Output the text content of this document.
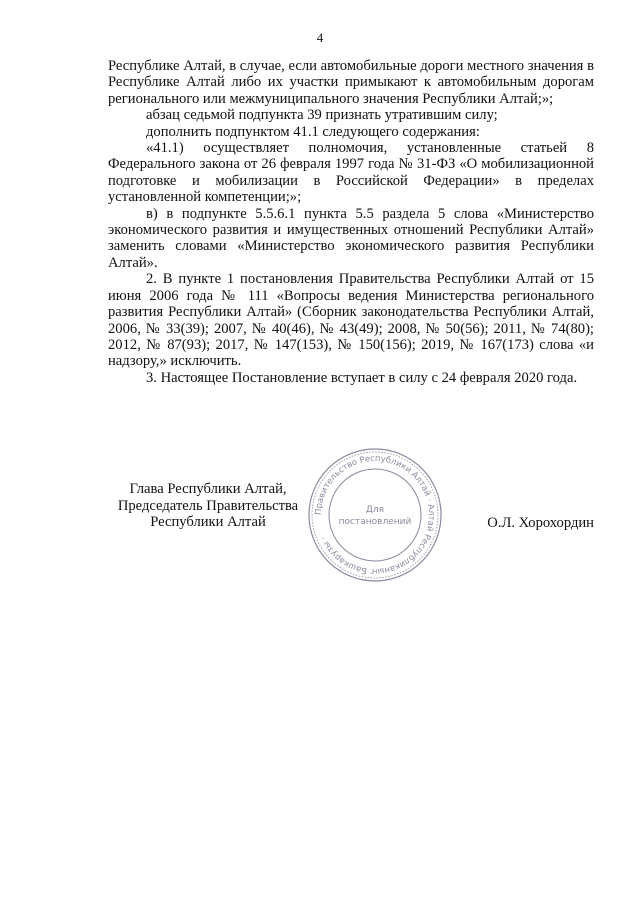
4

Республике Алтай, в случае, если автомобильные дороги местного значения в Республике Алтай либо их участки примыкают к автомобильным дорогам регионального или межмуниципального значения Республики Алтай;»;

абзац седьмой подпункта 39 признать утратившим силу;

дополнить подпунктом 41.1 следующего содержания:

«41.1) осуществляет полномочия, установленные статьей 8 Федерального закона от 26 февраля 1997 года № 31-ФЗ «О мобилизационной подготовке и мобилизации в Российской Федерации» в пределах установленной компетенции;»;

в) в подпункте 5.5.6.1 пункта 5.5 раздела 5 слова «Министерство экономического развития и имущественных отношений Республики Алтай» заменить словами «Министерство экономического развития Республики Алтай».

2. В пункте 1 постановления Правительства Республики Алтай от 15 июня 2006 года № 111 «Вопросы ведения Министерства регионального развития Республики Алтай» (Сборник законодательства Республики Алтай, 2006, № 33(39); 2007, № 40(46), № 43(49); 2008, № 50(56); 2011, № 74(80); 2012, № 87(93); 2017, № 147(153), № 150(156); 2019, № 167(173) слова «и надзору,» исключить.

3. Настоящее Постановление вступает в силу с 24 февраля 2020 года.

Глава Республики Алтай,
Председатель Правительства
Республики Алтай
Правительство Республики Алтай · Алтай Республиканыҥ Башкарузы ·
Для
постановлений	О.Л. Хорохордин
